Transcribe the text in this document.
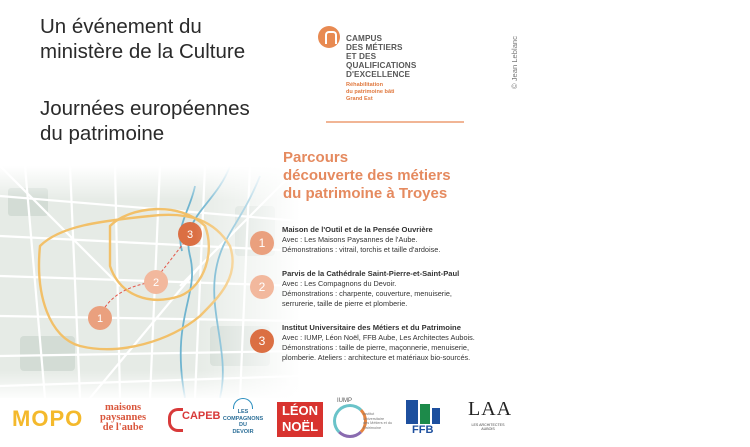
Un événement du
ministère de la Culture
Journées européennes
du patrimoine
CAMPUS
DES MÉTIERS
ET DES
QUALIFICATIONS
D'EXCELLENCE
Réhabilitation
du patrimoine bâti
Grand Est
© Jean Leblanc
Parcours
découverte des métiers
du patrimoine à Troyes
1
Maison de l'Outil et de la Pensée Ouvrière
Avec : Les Maisons Paysannes de l'Aube.
Démonstrations : vitrail, torchis et taille d'ardoise.
2
Parvis de la Cathédrale Saint-Pierre-et-Saint-Paul
Avec : Les Compagnons du Devoir.
Démonstrations : charpente, couverture, menuiserie,
serrurerie, taille de pierre et plomberie.
3
Institut Universitaire des Métiers et du Patrimoine
Avec : IUMP, Léon Noël, FFB Aube, Les Architectes Aubois.
Démonstrations : taille de pierre, maçonnerie, menuiserie,
plomberie. Ateliers : architecture et matériaux bio-sourcés.
MOPO	maisons
paysannes
de l'aube
CAPEB	LES
COMPAGNONS
DU
DEVOIR
LÉON
NOËL
IUMP
Institut Universitaire
des Métiers et du
Patrimoine	FFB
LAA
LES ARCHITECTES AUBOIS
